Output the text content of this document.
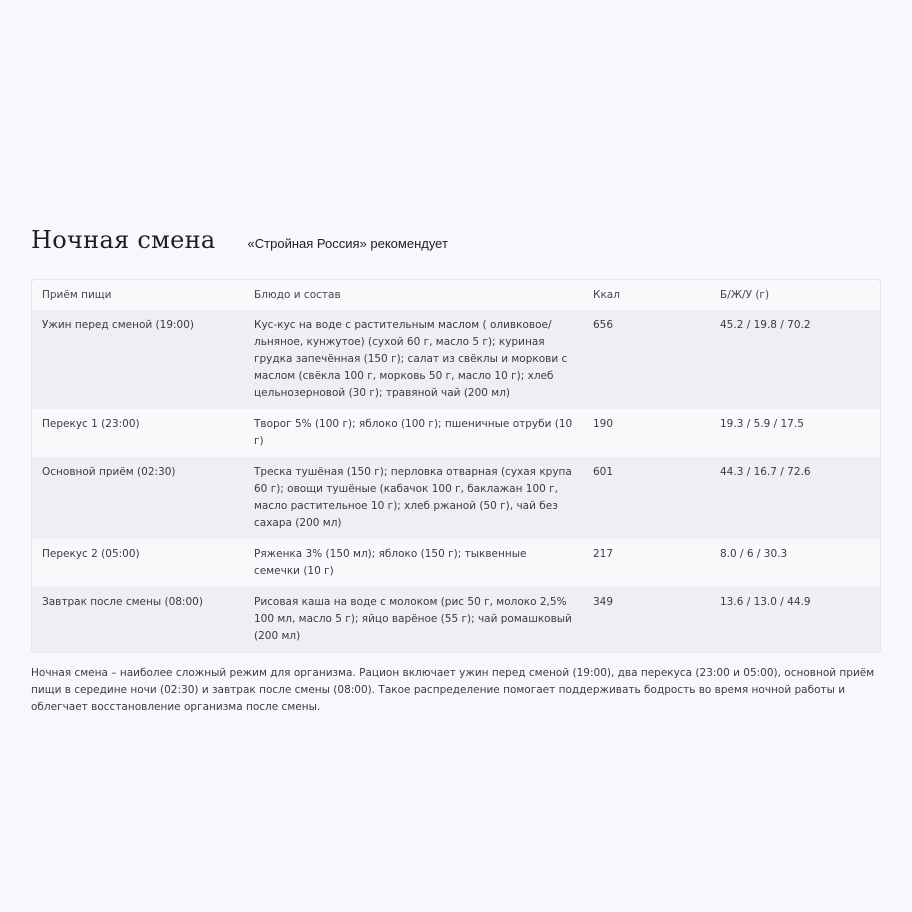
Ночная смена «Стройная Россия» рекомендует
Приём пищи	Блюдо и состав	Ккал	Б/Ж/У (г)
Ужин перед сменой (19:00)	Кус-кус на воде с растительным маслом ( оливковое/льняное, кунжутое) (сухой 60 г, масло 5 г); куриная грудка запечённая (150 г); салат из свёклы и моркови с маслом (свёкла 100 г, морковь 50 г, масло 10 г); хлеб цельнозерновой (30 г); травяной чай (200 мл)	656	45.2 / 19.8 / 70.2
Перекус 1 (23:00)	Творог 5% (100 г); яблоко (100 г); пшеничные отруби (10 г)	190	19.3 / 5.9 / 17.5
Основной приём (02:30)	Треска тушёная (150 г); перловка отварная (сухая крупа 60 г); овощи тушёные (кабачок 100 г, баклажан 100 г, масло растительное 10 г); хлеб ржаной (50 г), чай без сахара (200 мл)	601	44.3 / 16.7 / 72.6
Перекус 2 (05:00)	Ряженка 3% (150 мл); яблоко (150 г); тыквенные семечки (10 г)	217	8.0 / 6 / 30.3
Завтрак после смены (08:00)	Рисовая каша на воде с молоком (рис 50 г, молоко 2,5% 100 мл, масло 5 г); яйцо варёное (55 г); чай ромашковый (200 мл)	349	13.6 / 13.0 / 44.9

Ночная смена – наиболее сложный режим для организма. Рацион включает ужин перед сменой (19:00), два перекуса (23:00 и 05:00), основной приём пищи в середине ночи (02:30) и завтрак после смены (08:00). Такое распределение помогает поддерживать бодрость во время ночной работы и облегчает восстановление организма после смены.
